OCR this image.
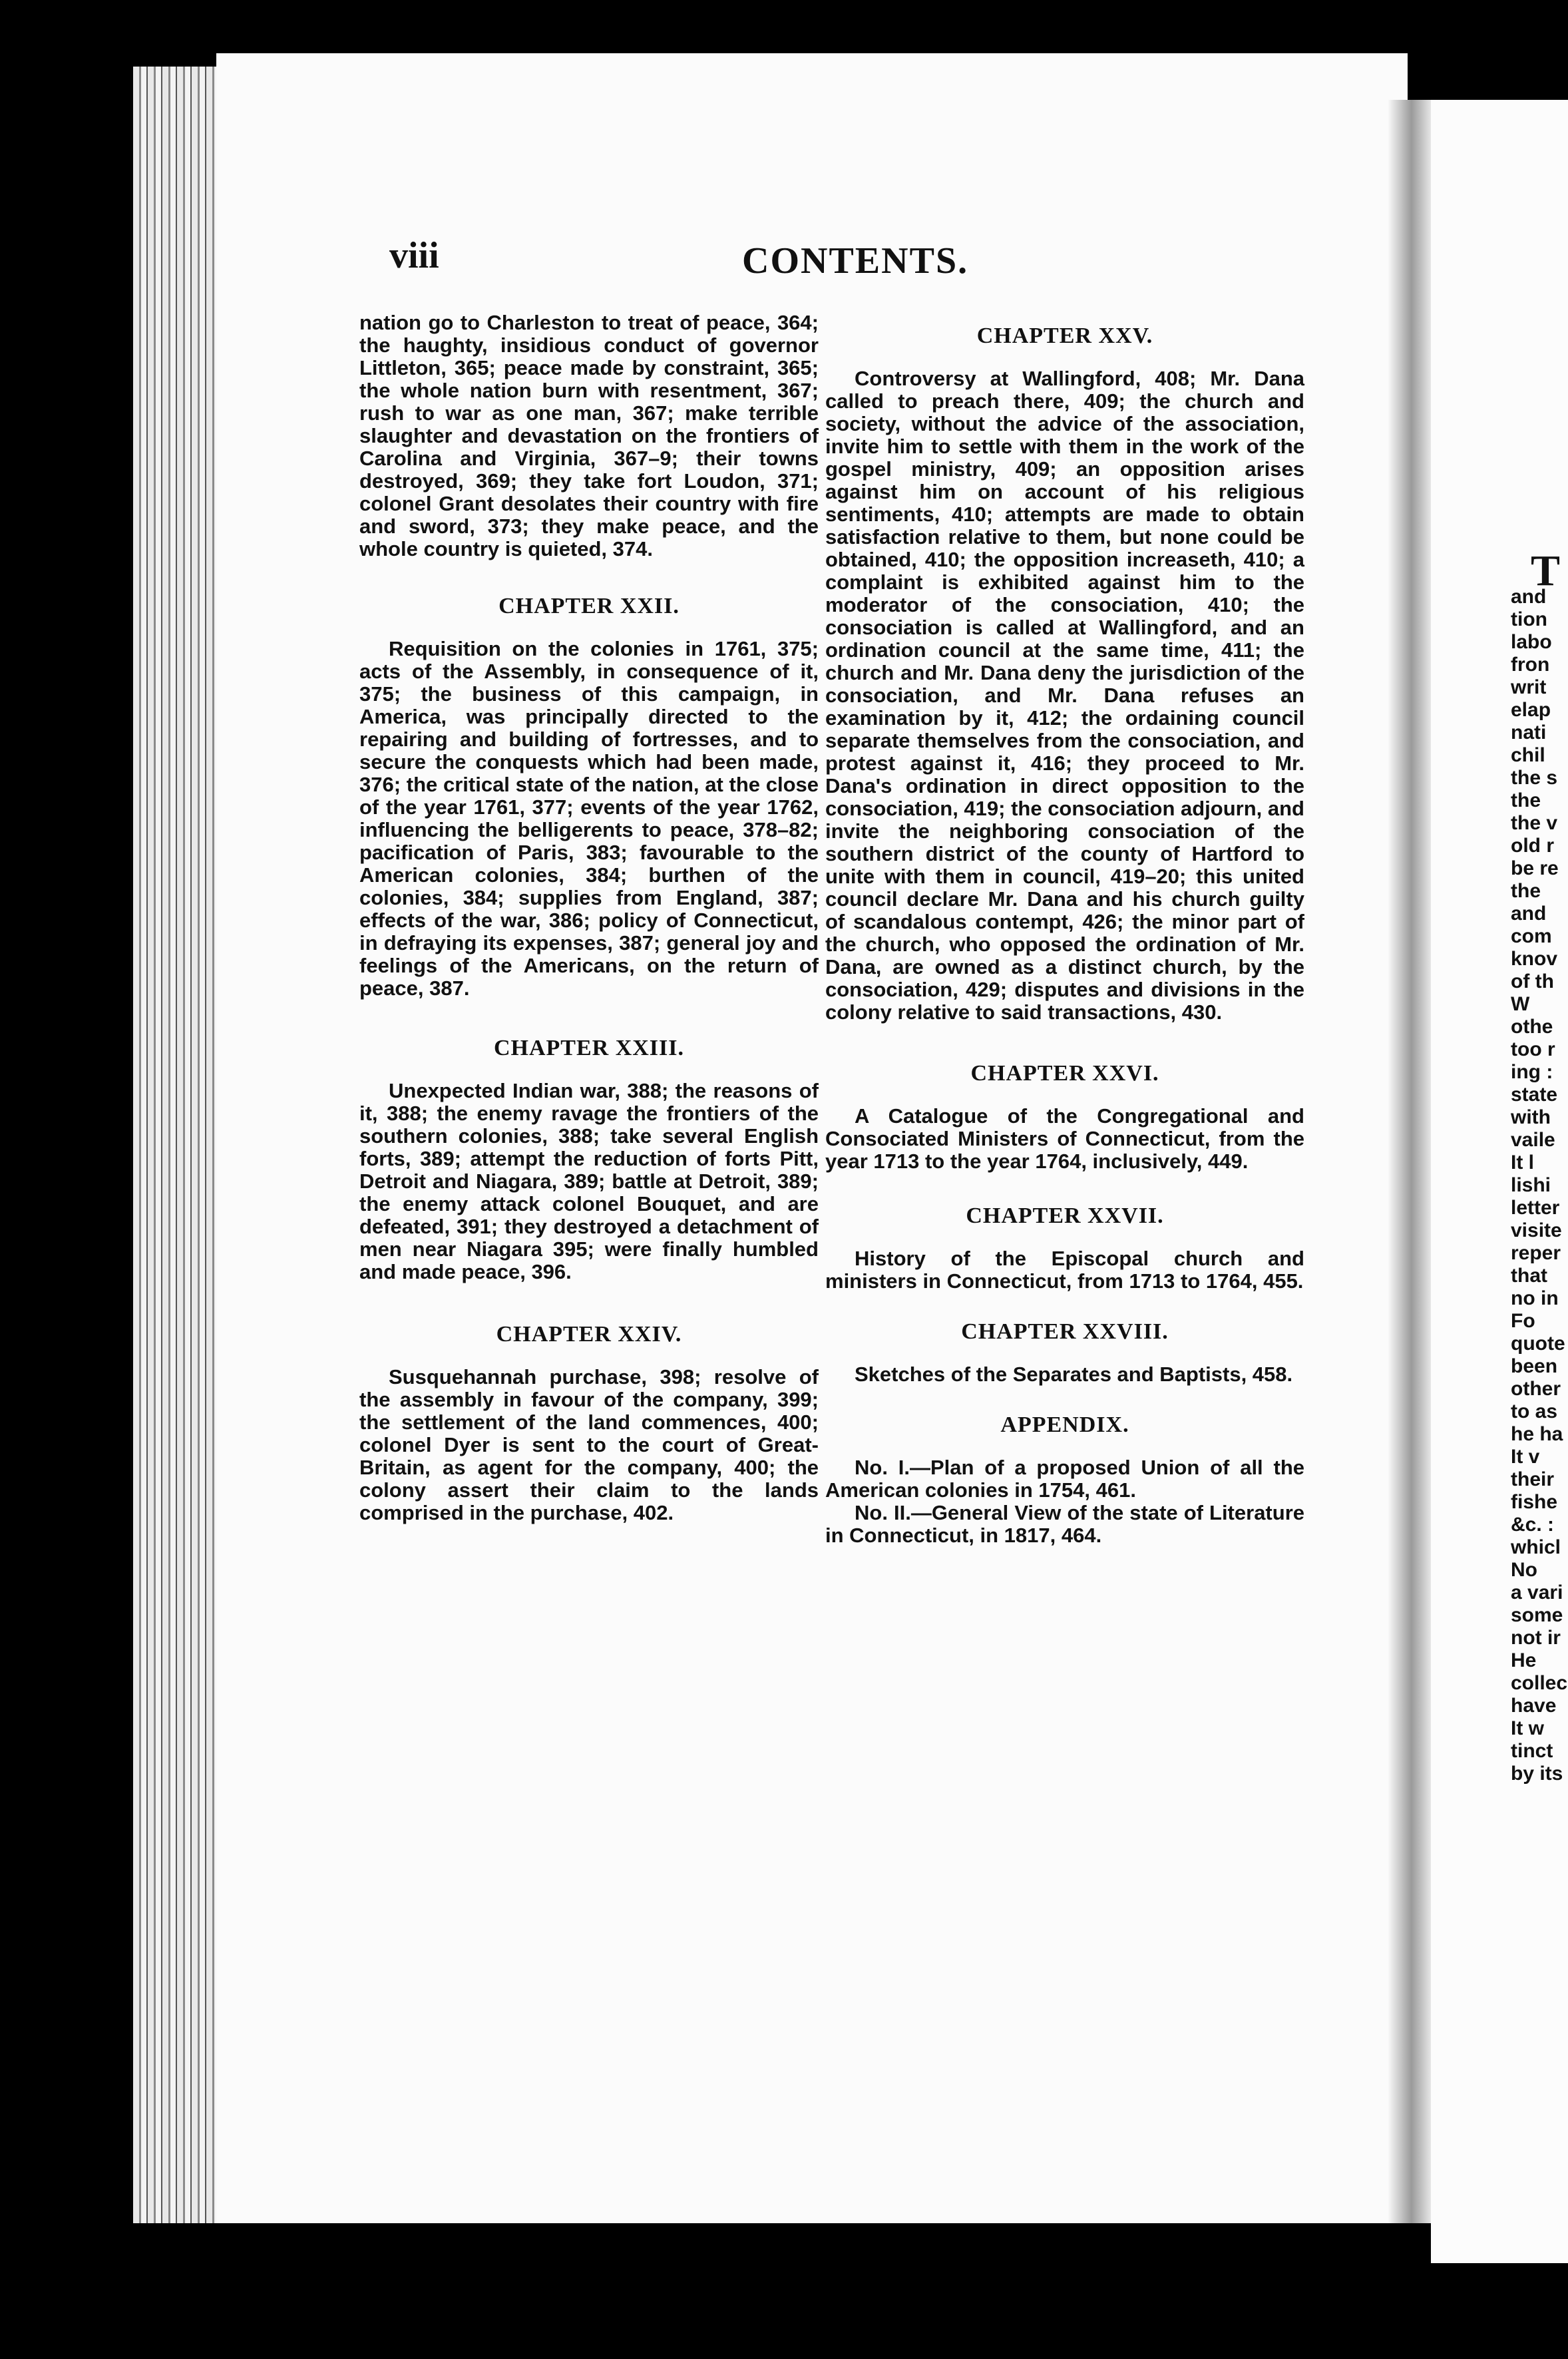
viii	CONTENTS.

nation go to Charleston to treat of peace, 364; the haughty, insidious conduct of governor Littleton, 365; peace made by constraint, 365; the whole nation burn with resentment, 367; rush to war as one man, 367; make terrible slaughter and devastation on the frontiers of Carolina and Virginia, 367–9; their towns destroyed, 369; they take fort Loudon, 371; colonel Grant desolates their country with fire and sword, 373; they make peace, and the whole country is quieted, 374.

CHAPTER XXII.

Requisition on the colonies in 1761, 375; acts of the Assembly, in consequence of it, 375; the business of this campaign, in America, was principally directed to the repairing and building of fortresses, and to secure the conquests which had been made, 376; the critical state of the nation, at the close of the year 1761, 377; events of the year 1762, influencing the belligerents to peace, 378–82; pacification of Paris, 383; favourable to the American colonies, 384; burthen of the colonies, 384; supplies from England, 387; effects of the war, 386; policy of Connecticut, in defraying its expenses, 387; general joy and feelings of the Americans, on the return of peace, 387.

CHAPTER XXIII.

Unexpected Indian war, 388; the reasons of it, 388; the enemy ravage the frontiers of the southern colonies, 388; take several English forts, 389; attempt the reduction of forts Pitt, Detroit and Niagara, 389; battle at Detroit, 389; the enemy attack colonel Bouquet, and are defeated, 391; they destroyed a detachment of men near Niagara 395; were finally humbled and made peace, 396.

CHAPTER XXIV.

Susquehannah purchase, 398; resolve of the assembly in favour of the company, 399; the settlement of the land commences, 400; colonel Dyer is sent to the court of Great-Britain, as agent for the company, 400; the colony assert their claim to the lands comprised in the purchase, 402.

CHAPTER XXV.

Controversy at Wallingford, 408; Mr. Dana called to preach there, 409; the church and society, without the advice of the association, invite him to settle with them in the work of the gospel ministry, 409; an opposition arises against him on account of his religious sentiments, 410; attempts are made to obtain satisfaction relative to them, but none could be obtained, 410; the opposition increaseth, 410; a complaint is exhibited against him to the moderator of the consociation, 410; the consociation is called at Wallingford, and an ordination council at the same time, 411; the church and Mr. Dana deny the jurisdiction of the consociation, and Mr. Dana refuses an examination by it, 412; the ordaining council separate themselves from the consociation, and protest against it, 416; they proceed to Mr. Dana's ordination in direct opposition to the consociation, 419; the consociation adjourn, and invite the neighboring consociation of the southern district of the county of Hartford to unite with them in council, 419–20; this united council declare Mr. Dana and his church guilty of scandalous contempt, 426; the minor part of the church, who opposed the ordination of Mr. Dana, are owned as a distinct church, by the consociation, 429; disputes and divisions in the colony relative to said transactions, 430.

CHAPTER XXVI.

A Catalogue of the Congregational and Consociated Ministers of Connecticut, from the year 1713 to the year 1764, inclusively, 449.

CHAPTER XXVII.

History of the Episcopal church and ministers in Connecticut, from 1713 to 1764, 455.

CHAPTER XXVIII.

Sketches of the Separates and Baptists, 458.

APPENDIX.

No. I.—Plan of a proposed Union of all the American colonies in 1754, 461.

No. II.—General View of the state of Literature in Connecticut, in 1817, 464.

T
and
tion
labo
fron
writ
elap
nati
chil
the s
the
the v
old r
be re
the
and
com
knov
of th
W
othe
too r
ing :
state
with
vaile
It l
lishi
letter
visite
reper
that
no in
Fo
quote
been
other
to as
he ha
It v
their
fishe
&c. :
whicl
No
a vari
some
not ir
He
collec
have
It w
tinct
by its
